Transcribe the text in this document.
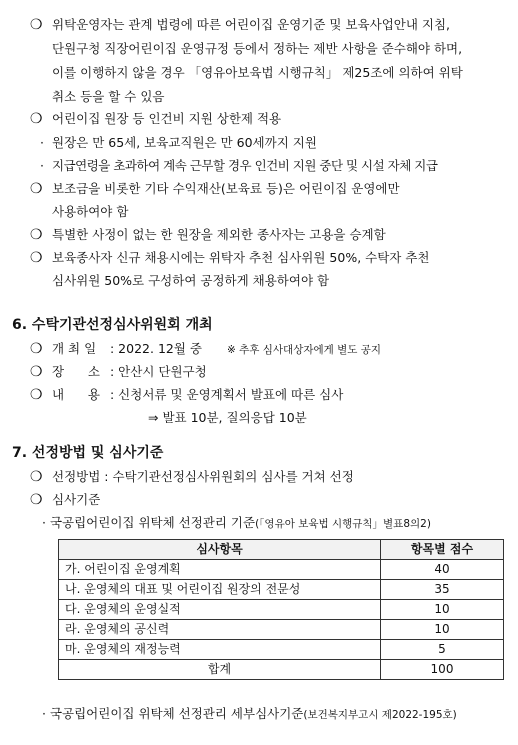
❍ 위탁운영자는 관계 법령에 따른 어린이집 운영기준 및 보육사업안내 지침,
단원구청 직장어린이집 운영규정 등에서 정하는 제반 사항을 준수해야 하며,
이를 이행하지 않을 경우 「영유아보육법 시행규칙」 제25조에 의하여 위탁
취소 등을 할 수 있음
❍ 어린이집 원장 등 인건비 지원 상한제 적용
· 원장은 만 65세, 보육교직원은 만 60세까지 지원
· 지급연령을 초과하여 계속 근무할 경우 인건비 지원 중단 및 시설 자체 지급
❍ 보조금을 비롯한 기타 수익재산(보육료 등)은 어린이집 운영에만
사용하여야 함
❍ 특별한 사정이 없는 한 원장을 제외한 종사자는 고용을 승계함
❍ 보육종사자 신규 채용시에는 위탁자 추천 심사위원 50%, 수탁자 추천
심사위원 50%로 구성하여 공정하게 채용하여야 함
6. 수탁기관선정심사위원회 개최
❍ 개 최 일 : 2022. 12월 중 ※ 추후 심사대상자에게 별도 공지
❍ 장      소 : 안산시 단원구청
❍ 내      용 : 신청서류 및 운영계획서 발표에 따른 심사
⇒ 발표 10분, 질의응답 10분
7. 선정방법 및 심사기준
❍ 선정방법 : 수탁기관선정심사위원회의 심사를 거쳐 선정
❍ 심사기준
· 국공립어린이집 위탁체 선정관리 기준(「영유아 보육법 시행규칙」별표8의2)
심사항목	항목별 점수
가. 어린이집 운영계획	40
나. 운영체의 대표 및 어린이집 원장의 전문성	35
다. 운영체의 운영실적	10
라. 운영체의 공신력	10
마. 운영체의 재정능력	5
합계	100
· 국공립어린이집 위탁체 선정관리 세부심사기준(보건복지부고시 제2022-195호)
